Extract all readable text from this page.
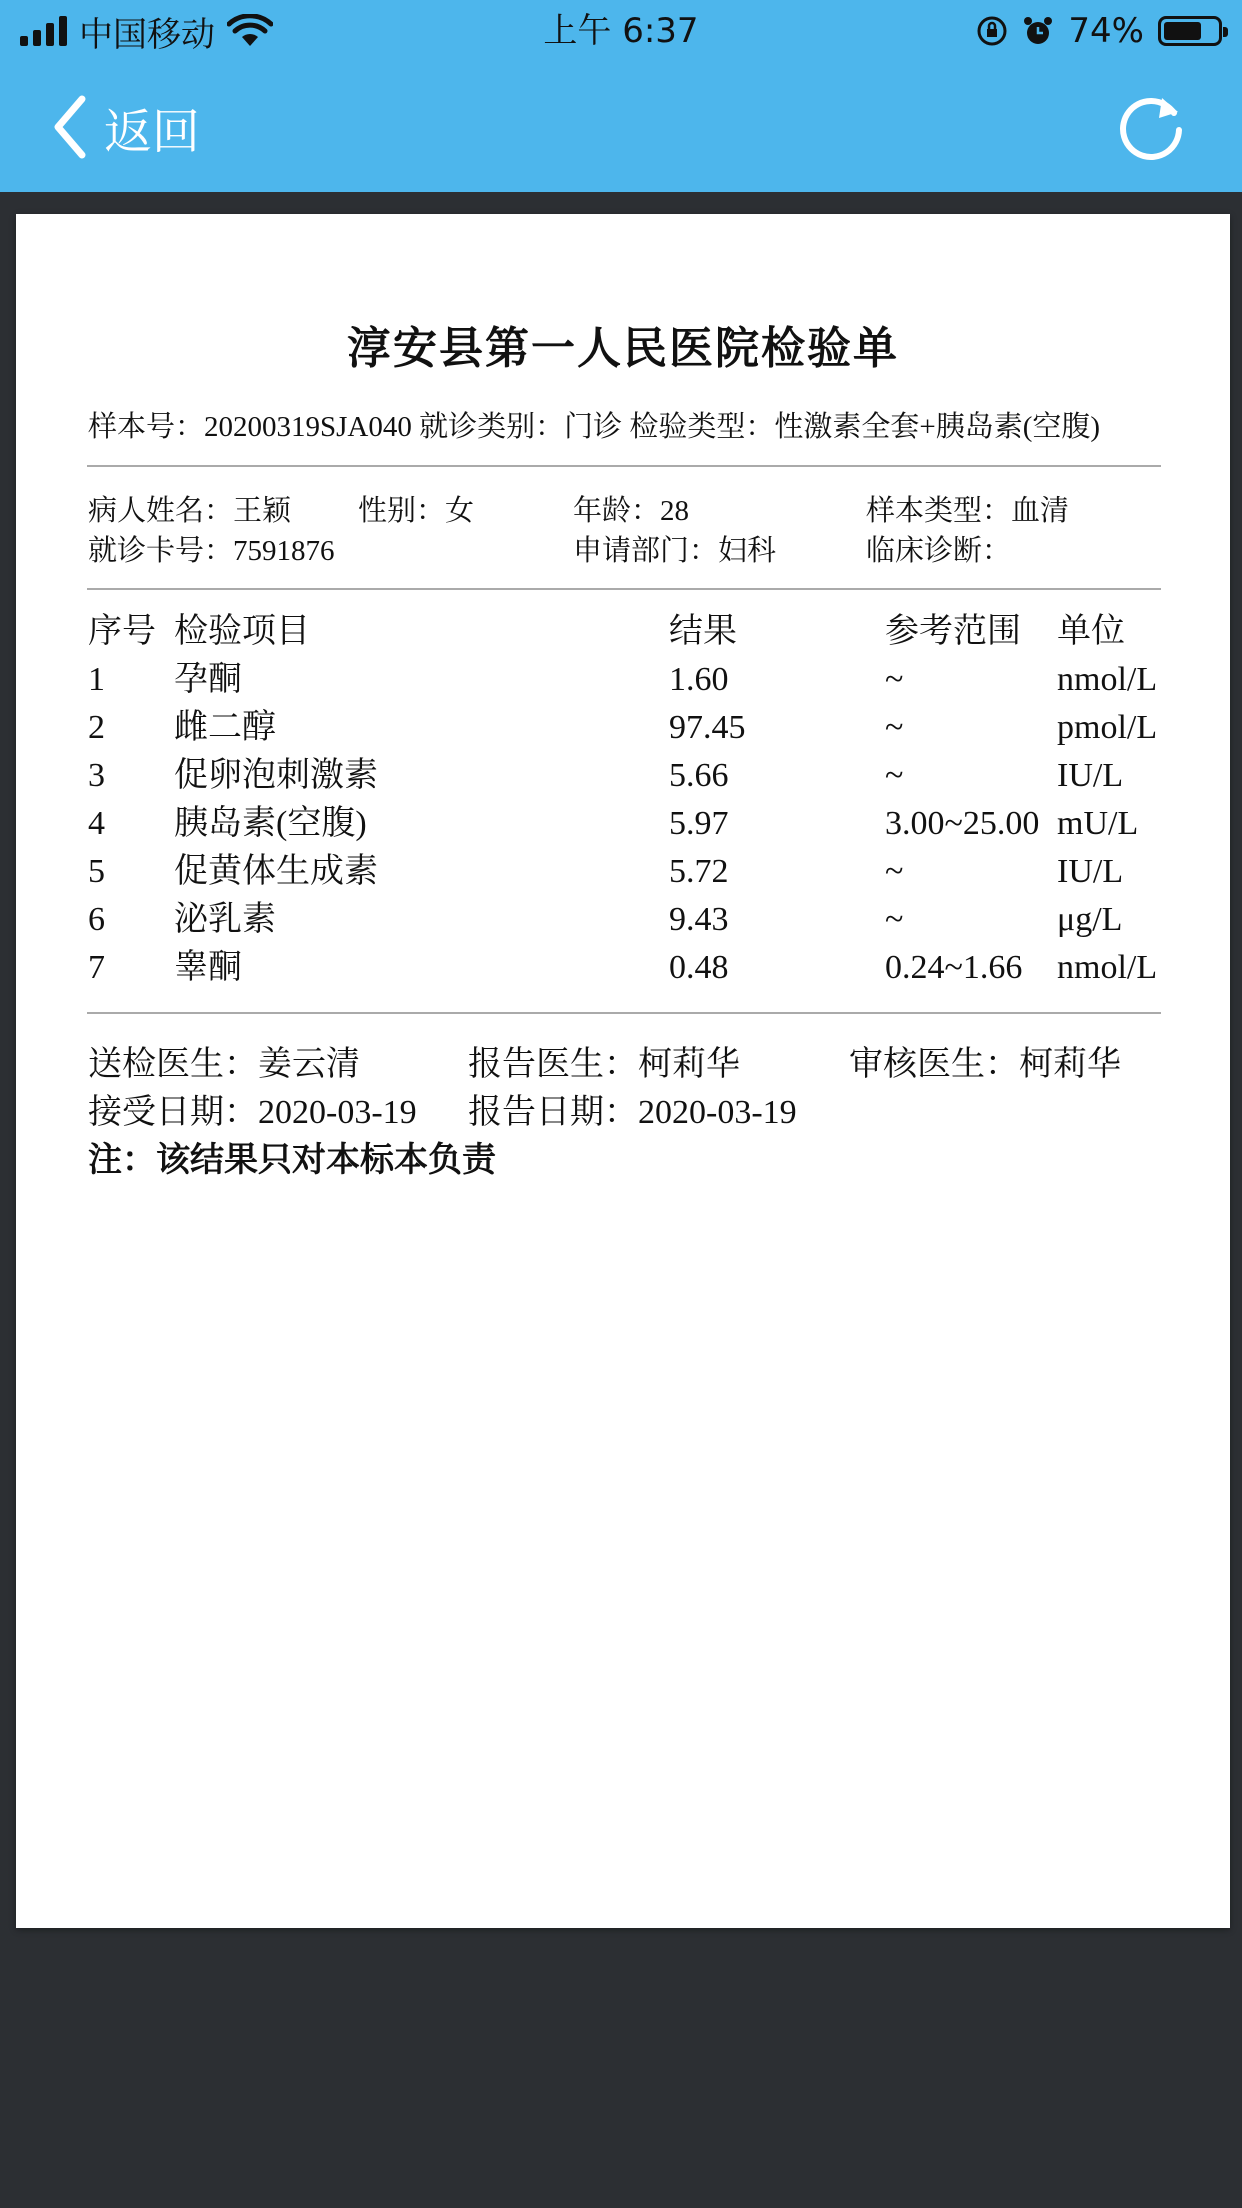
中国移动	上午 6:37	74%
返回
淳安县第一人民医院检验单
样本号：20200319SJA040 就诊类别：门诊 检验类型：性激素全套+胰岛素(空腹)
病人姓名：王颖 性别：女	年龄：28	样本类型：血清
就诊卡号：7591876	申请部门：妇科	临床诊断：
序号 检验项目	结果	参考范围 单位
1 孕酮	1.60	~	nmol/L
2 雌二醇	97.45	~	pmol/L
3 促卵泡刺激素	5.66	~	IU/L
4 胰岛素(空腹)	5.97	3.00~25.00 mU/L
5 促黄体生成素	5.72	~	IU/L
6 泌乳素	9.43	~	μg/L
7 睾酮	0.48	0.24~1.66 nmol/L
送检医生：姜云清	报告医生：柯莉华	审核医生：柯莉华
接受日期：2020-03-19 报告日期：2020-03-19
注：该结果只对本标本负责
